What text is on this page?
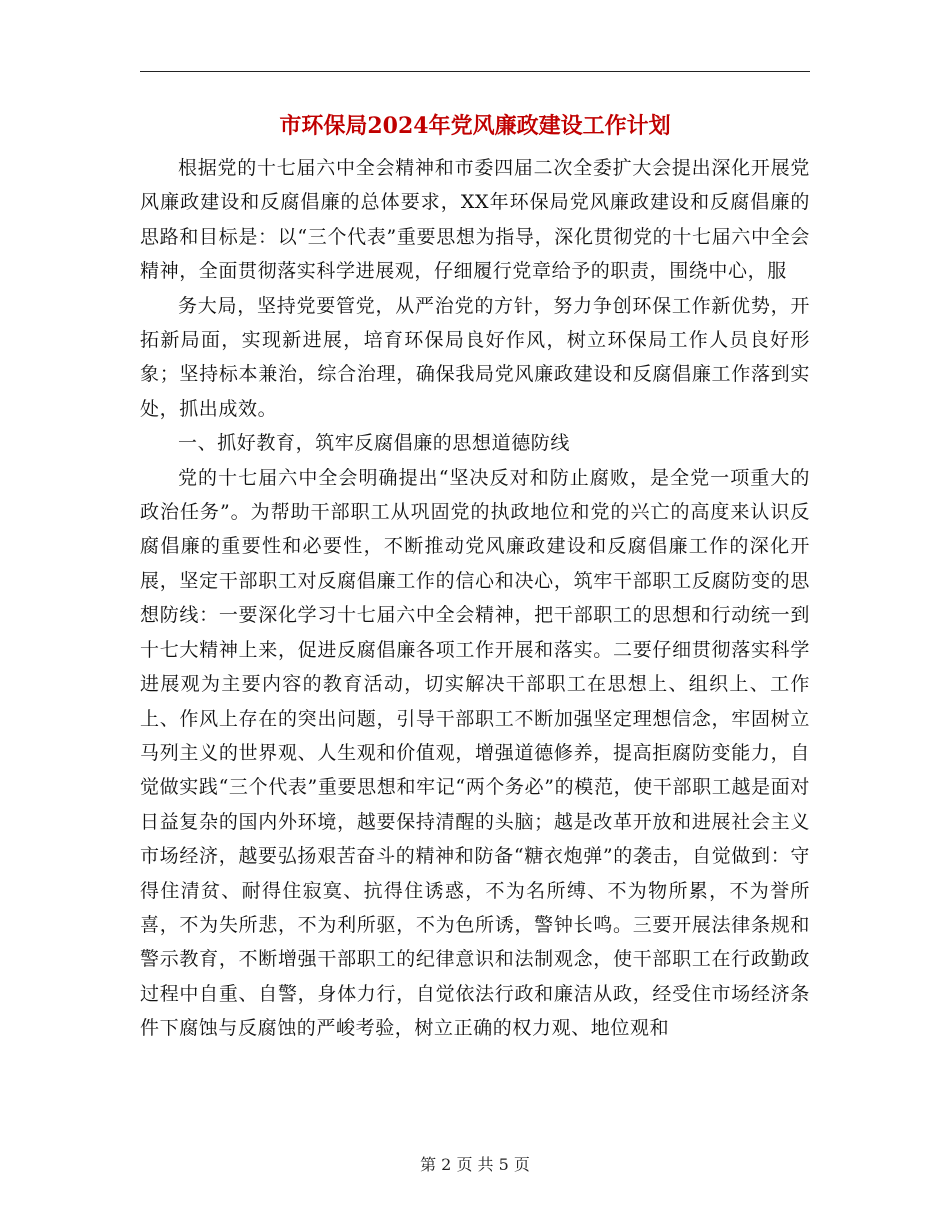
市环保局2024年党风廉政建设工作计划

根据党的十七届六中全会精神和市委四届二次全委扩大会提出深化开展党风廉政建设和反腐倡廉的总体要求，XX年环保局党风廉政建设和反腐倡廉的思路和目标是：以“三个代表”重要思想为指导，深化贯彻党的十七届六中全会精神，全面贯彻落实科学进展观，仔细履行党章给予的职责，围绕中心，服

务大局，坚持党要管党，从严治党的方针，努力争创环保工作新优势，开拓新局面，实现新进展，培育环保局良好作风，树立环保局工作人员良好形象；坚持标本兼治，综合治理，确保我局党风廉政建设和反腐倡廉工作落到实处，抓出成效。

一、抓好教育，筑牢反腐倡廉的思想道德防线

党的十七届六中全会明确提出“坚决反对和防止腐败，是全党一项重大的政治任务”。为帮助干部职工从巩固党的执政地位和党的兴亡的高度来认识反腐倡廉的重要性和必要性，不断推动党风廉政建设和反腐倡廉工作的深化开展，坚定干部职工对反腐倡廉工作的信心和决心，筑牢干部职工反腐防变的思想防线：一要深化学习十七届六中全会精神，把干部职工的思想和行动统一到十七大精神上来，促进反腐倡廉各项工作开展和落实。二要仔细贯彻落实科学进展观为主要内容的教育活动，切实解决干部职工在思想上、组织上、工作上、作风上存在的突出问题，引导干部职工不断加强坚定理想信念，牢固树立马列主义的世界观、人生观和价值观，增强道德修养，提高拒腐防变能力，自觉做实践“三个代表”重要思想和牢记“两个务必”的模范，使干部职工越是面对日益复杂的国内外环境，越要保持清醒的头脑；越是改革开放和进展社会主义市场经济，越要弘扬艰苦奋斗的精神和防备“糖衣炮弹”的袭击，自觉做到：守得住清贫、耐得住寂寞、抗得住诱惑，不为名所缚、不为物所累，不为誉所喜，不为失所悲，不为利所驱，不为色所诱，警钟长鸣。三要开展法律条规和警示教育，不断增强干部职工的纪律意识和法制观念，使干部职工在行政勤政过程中自重、自警，身体力行，自觉依法行政和廉洁从政，经受住市场经济条件下腐蚀与反腐蚀的严峻考验，树立正确的权力观、地位观和

第 2 页 共 5 页
